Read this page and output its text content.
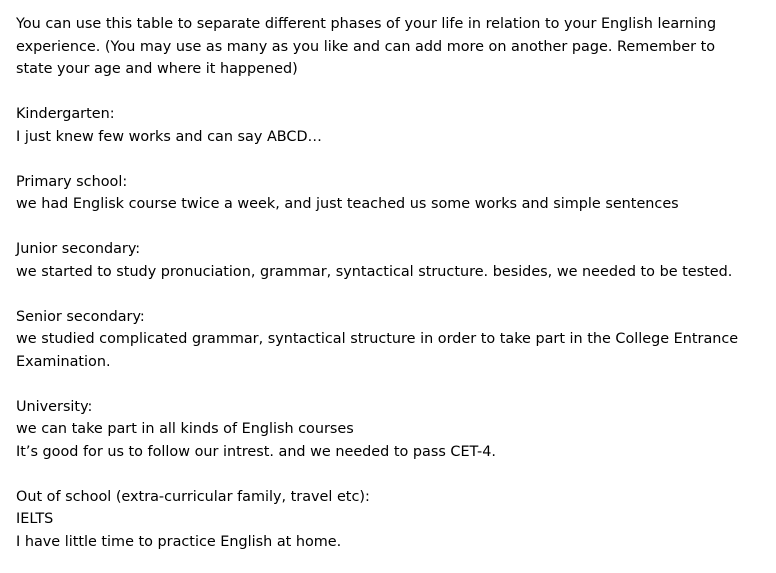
You can use this table to separate different phases of your life in relation to your English learning
experience. (You may use as many as you like and can add more on another page. Remember to
state your age and where it happened)
Kindergarten:
I just knew few works and can say ABCD…
Primary school:
we had Englisk course twice a week, and just teached us some works and simple sentences
Junior secondary:
we started to study pronuciation, grammar, syntactical structure. besides, we needed to be tested.
Senior secondary:
we studied complicated grammar, syntactical structure in order to take part in the College Entrance
Examination.
University:
we can take part in all kinds of English courses
It’s good for us to follow our intrest. and we needed to pass CET-4.
Out of school (extra-curricular family, travel etc):
IELTS
I have little time to practice English at home.
